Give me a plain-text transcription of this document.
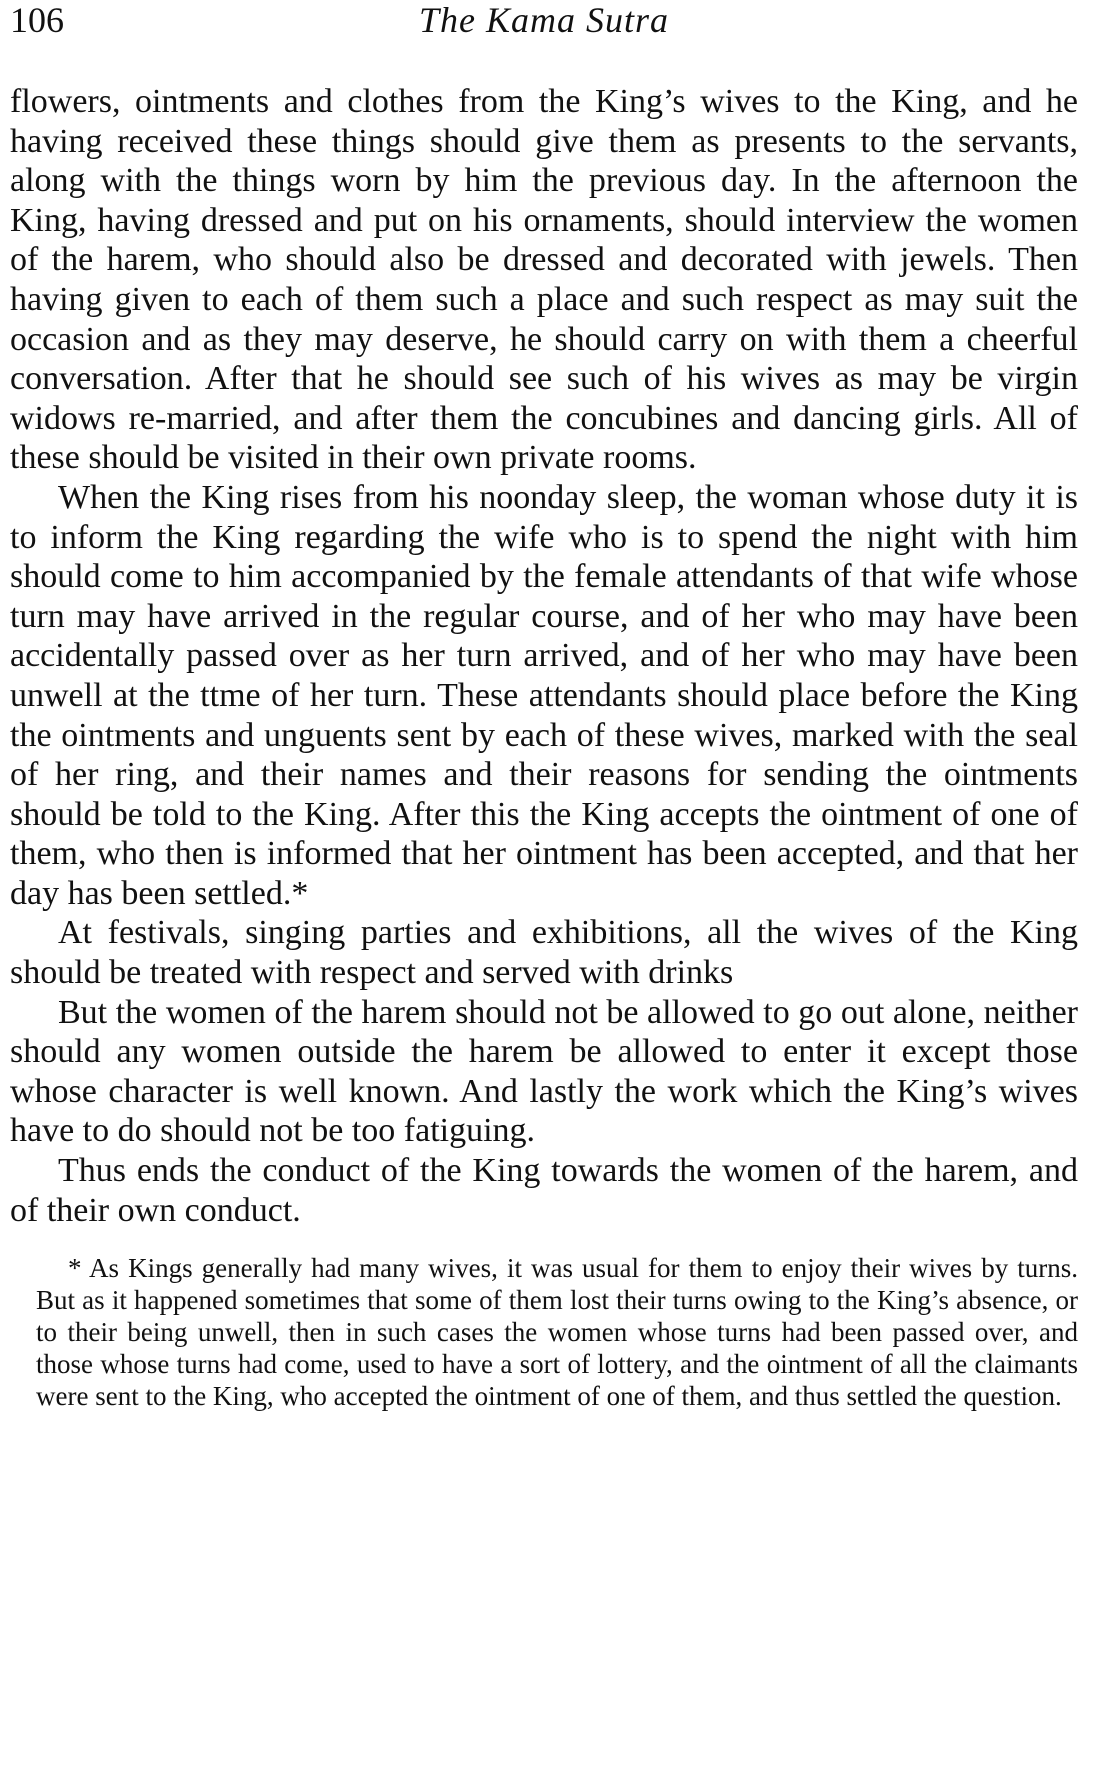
106	The Kama Sutra

flowers, ointments and clothes from the King’s wives to the King, and he having received these things should give them as presents to the servants, along with the things worn by him the previous day. In the afternoon the King, having dressed and put on his ornaments, should interview the women of the harem, who should also be dressed and decorated with jewels. Then having given to each of them such a place and such respect as may suit the occasion and as they may deserve, he should carry on with them a cheerful conversation. After that he should see such of his wives as may be virgin widows re-married, and after them the concubines and dancing girls. All of these should be visited in their own private rooms.

When the King rises from his noonday sleep, the woman whose duty it is to inform the King regarding the wife who is to spend the night with him should come to him accompanied by the female attendants of that wife whose turn may have arrived in the regular course, and of her who may have been accidentally passed over as her turn arrived, and of her who may have been unwell at the ttme of her turn. These attendants should place before the King the ointments and unguents sent by each of these wives, marked with the seal of her ring, and their names and their reasons for sending the ointments should be told to the King. After this the King accepts the ointment of one of them, who then is informed that her ointment has been accepted, and that her day has been settled.*

At festivals, singing parties and exhibitions, all the wives of the King should be treated with respect and served with drinks

But the women of the harem should not be allowed to go out alone, neither should any women outside the harem be allowed to enter it except those whose character is well known. And lastly the work which the King’s wives have to do should not be too fatiguing.

Thus ends the conduct of the King towards the women of the harem, and of their own conduct.

* As Kings generally had many wives, it was usual for them to enjoy their wives by turns. But as it happened sometimes that some of them lost their turns owing to the King’s absence, or to their being unwell, then in such cases the women whose turns had been passed over, and those whose turns had come, used to have a sort of lottery, and the ointment of all the claimants were sent to the King, who accepted the ointment of one of them, and thus settled the question.
